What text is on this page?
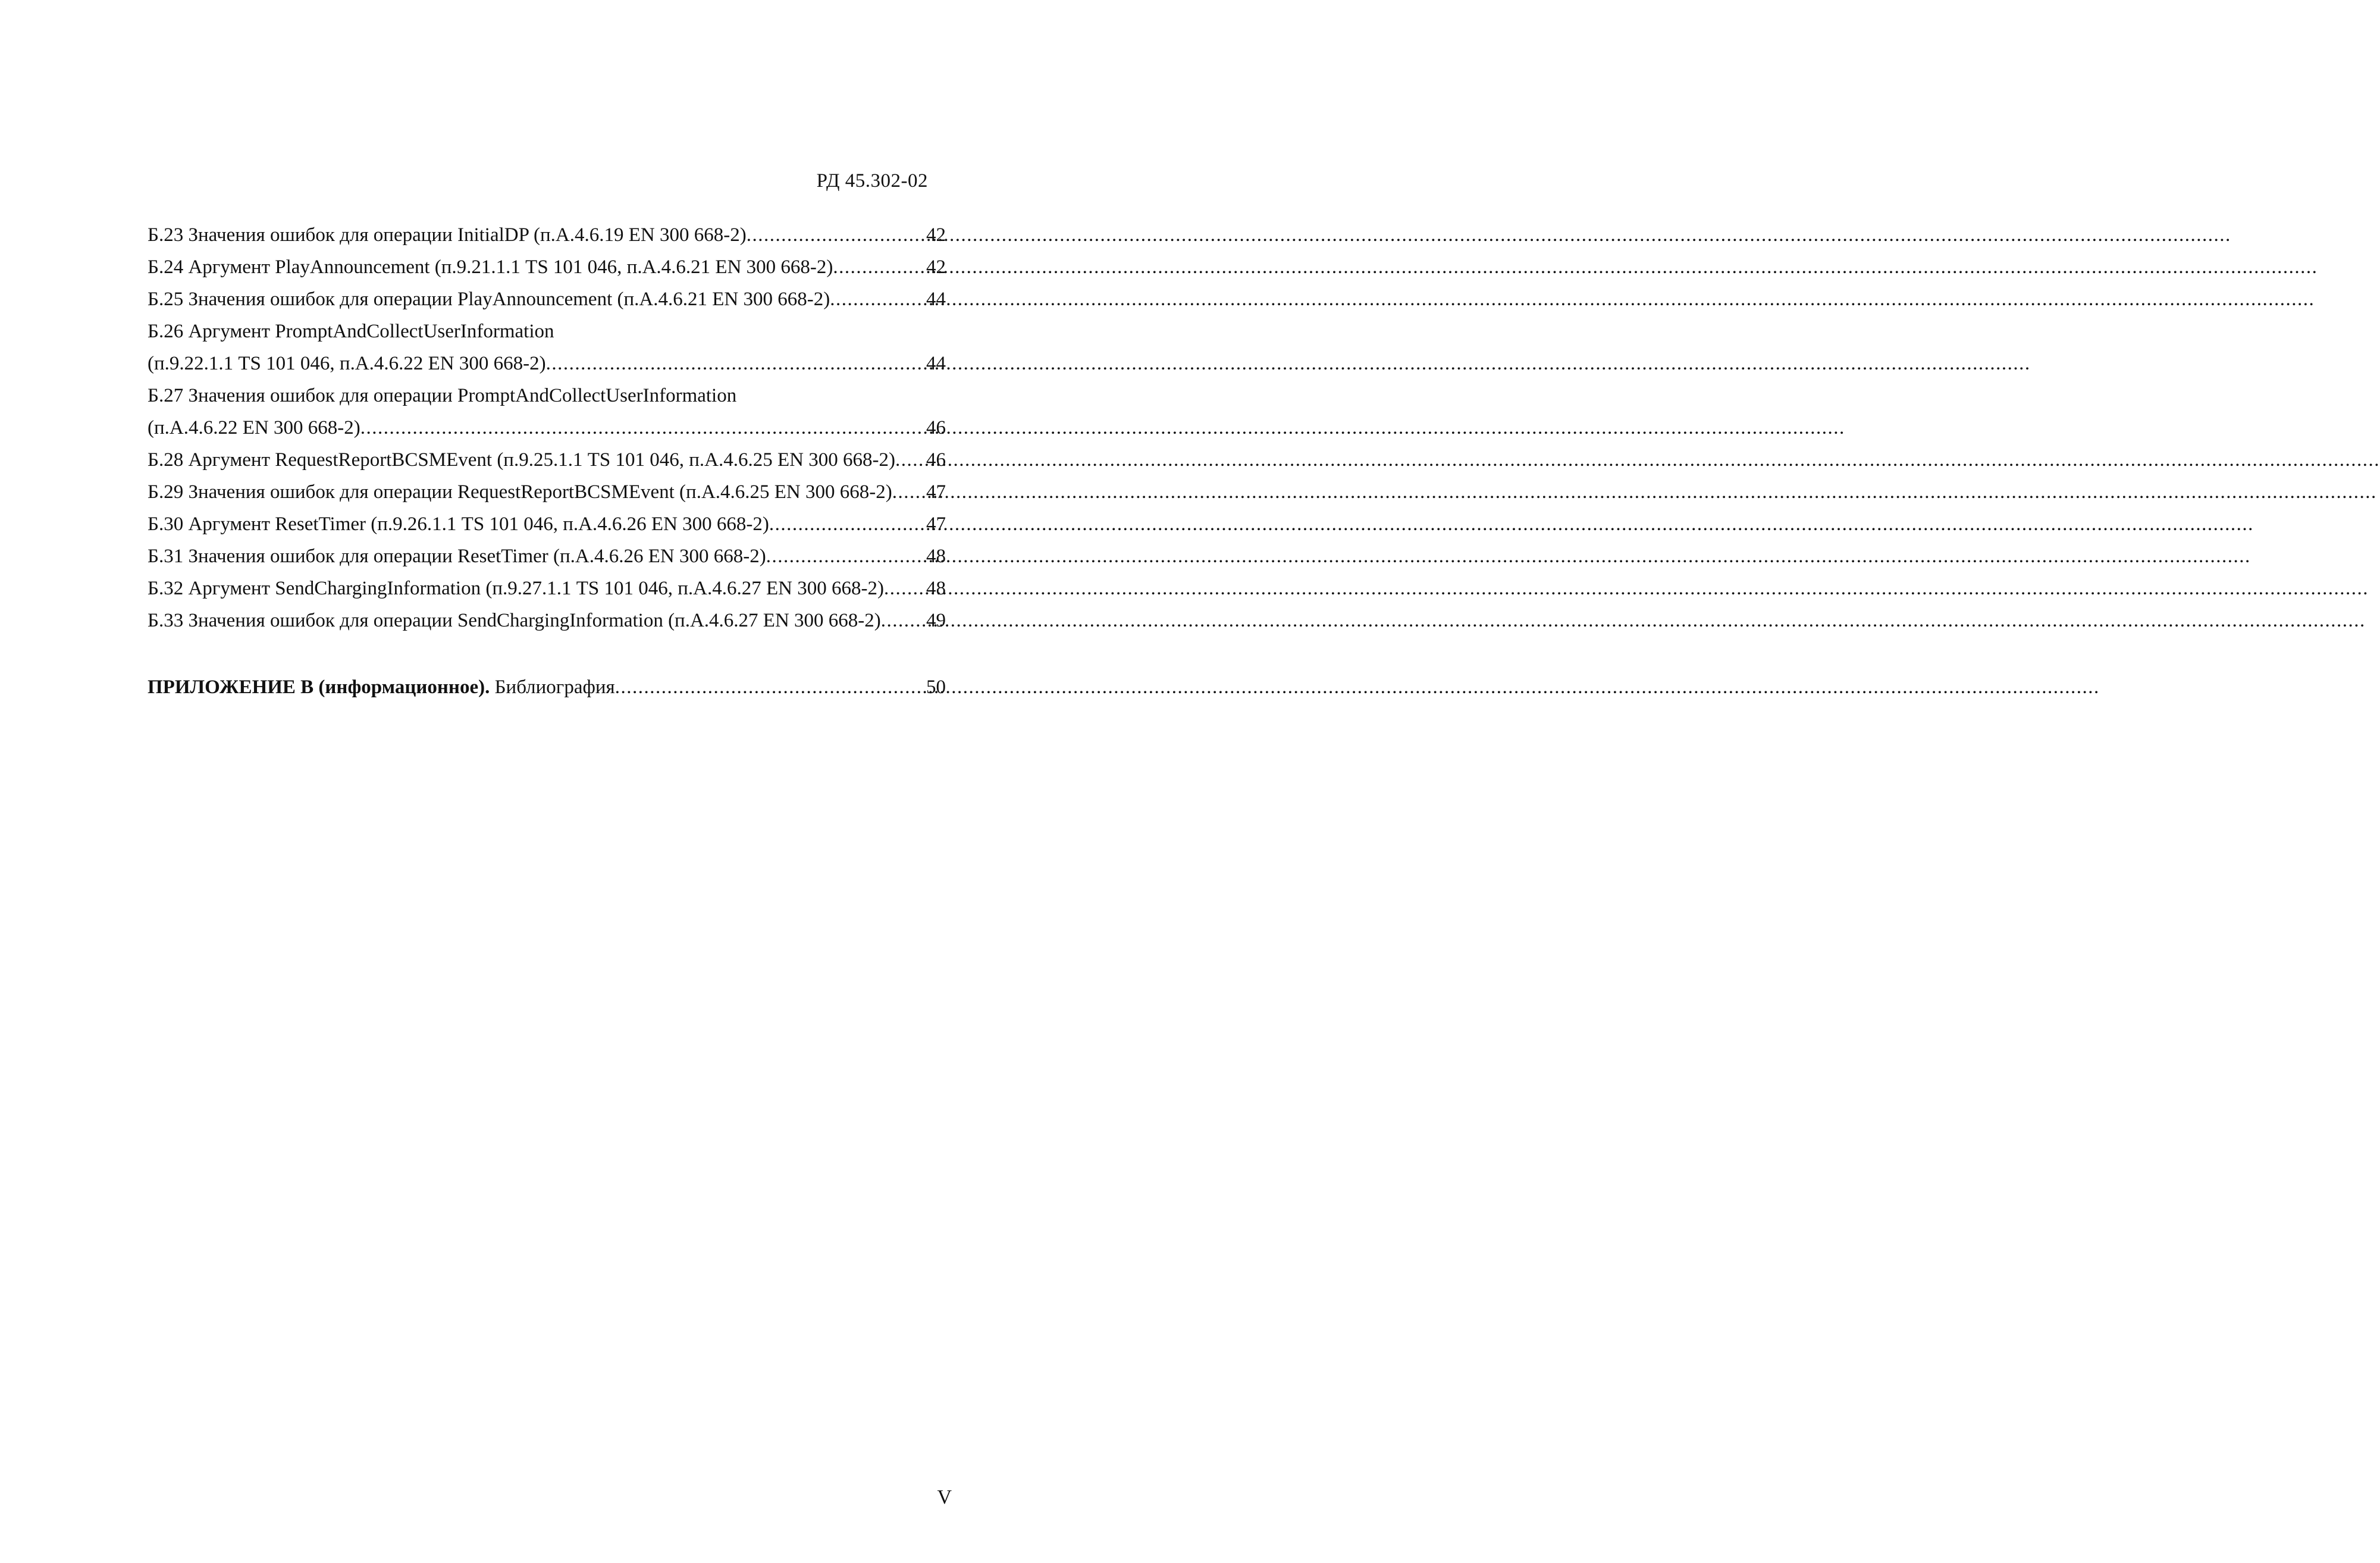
РД 45.302-02
Б.23 Значения ошибок для операции InitialDP (п.А.4.6.19 EN 300 668-2) .....	42
Б.24 Аргумент PlayAnnouncement (п.9.21.1.1 TS 101 046, п.А.4.6.21 EN 300 668-2) .....	42
Б.25 Значения ошибок для операции PlayAnnouncement (п.А.4.6.21 EN 300 668-2) .....	44
Б.26 Аргумент PromptAndCollectUserInformation
(п.9.22.1.1 TS 101 046, п.А.4.6.22 EN 300 668-2) .....	44
Б.27 Значения ошибок для операции PromptAndCollectUserInformation
(п.А.4.6.22 EN 300 668-2) .....	46
Б.28 Аргумент RequestReportBCSMEvent (п.9.25.1.1 TS 101 046, п.А.4.6.25 EN 300 668-2) ..... 46
Б.29 Значения ошибок для операции RequestReportBCSMEvent (п.А.4.6.25 EN 300 668-2) ..... 47
Б.30 Аргумент ResetTimer (п.9.26.1.1 TS 101 046, п.А.4.6.26 EN 300 668-2) .....	47
Б.31 Значения ошибок для операции ResetTimer (п.А.4.6.26 EN 300 668-2) .....	48
Б.32 Аргумент SendChargingInformation (п.9.27.1.1 TS 101 046, п.А.4.6.27 EN 300 668-2) ..... 48
Б.33 Значения ошибок для операции SendChargingInformation (п.А.4.6.27 EN 300 668-2) ..... 49
ПРИЛОЖЕНИЕ В (информационное). Библиография .....	50
V
